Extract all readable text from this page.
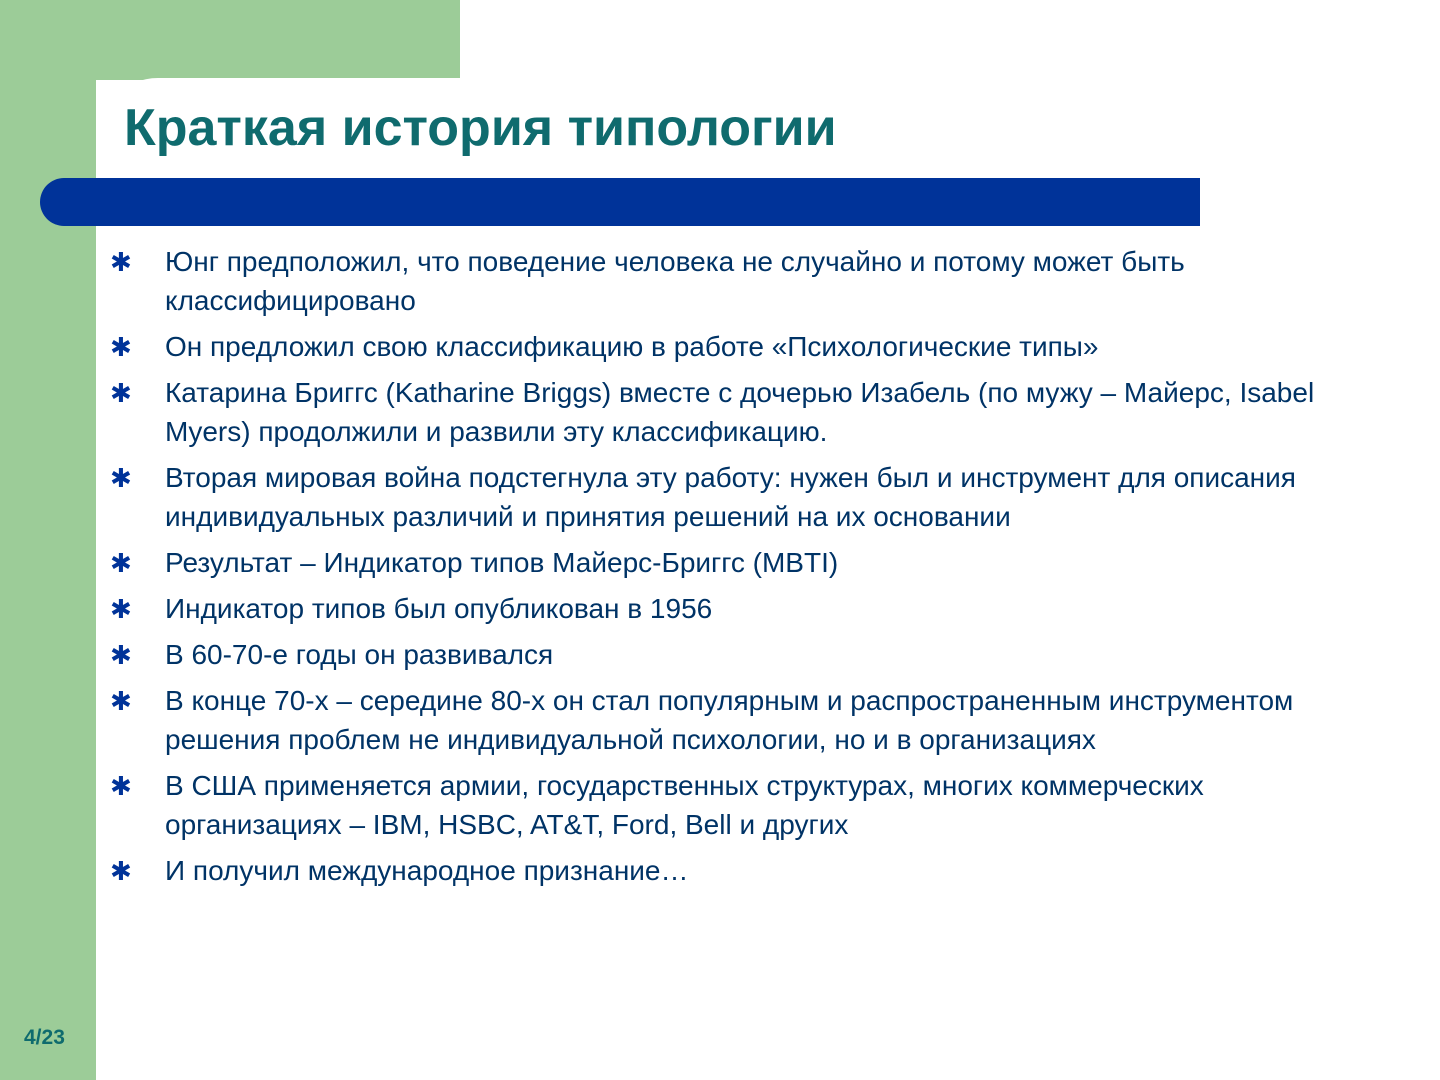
Краткая история типологии
✱ Юнг предположил, что поведение человека не случайно и потому может быть классифицировано
✱ Он предложил свою классификацию в работе «Психологические типы»
✱ Катарина Бриггс (Katharine Briggs) вместе с дочерью Изабель (по мужу – Майерс, Isabel Myers) продолжили и развили эту классификацию.
✱ Вторая мировая война подстегнула эту работу: нужен был и инструмент для описания индивидуальных различий и принятия решений на их основании
✱ Результат – Индикатор типов Майерс-Бриггс (MBTI)
✱ Индикатор типов был опубликован в 1956
✱ В 60-70-е годы он развивался
✱ В конце 70-х – середине 80-х он стал популярным и распространенным инструментом решения проблем не индивидуальной психологии, но и в организациях
✱ В США применяется армии, государственных структурах, многих коммерческих организациях – IBM, HSBC, AT&T, Ford, Bell и других
✱ И получил международное признание…
4/23
